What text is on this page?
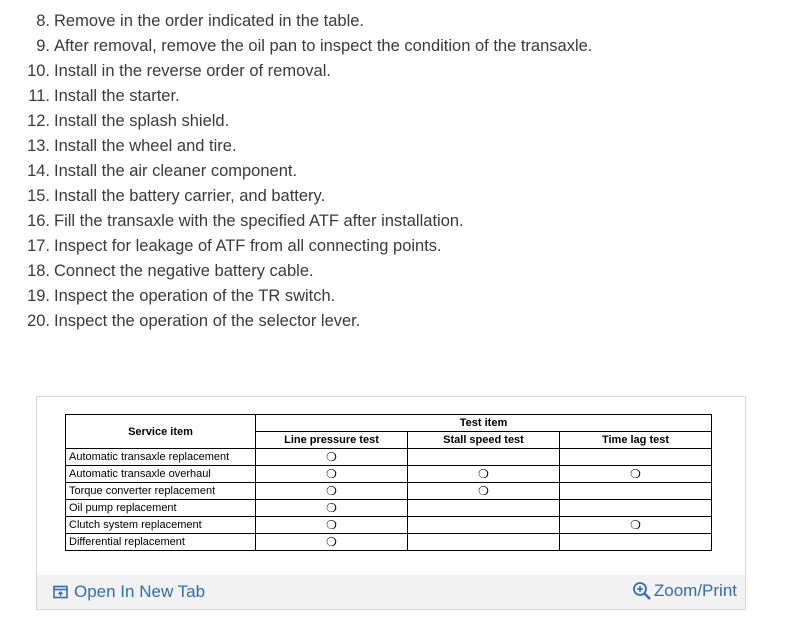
8. Remove in the order indicated in the table.
9. After removal, remove the oil pan to inspect the condition of the transaxle.
10. Install in the reverse order of removal.
11. Install the starter.
12. Install the splash shield.
13. Install the wheel and tire.
14. Install the air cleaner component.
15. Install the battery carrier, and battery.
16. Fill the transaxle with the specified ATF after installation.
17. Inspect for leakage of ATF from all connecting points.
18. Connect the negative battery cable.
19. Inspect the operation of the TR switch.
20. Inspect the operation of the selector lever.
Service item	Test item		
	Line pressure test	Stall speed test	Time lag test
Automatic transaxle replacement	❍		
Automatic transaxle overhaul	❍	❍	❍
Torque converter replacement	❍	❍	
Oil pump replacement	❍		
Clutch system replacement	❍		❍
Differential replacement	❍		
Open In New Tab	Zoom/Print
